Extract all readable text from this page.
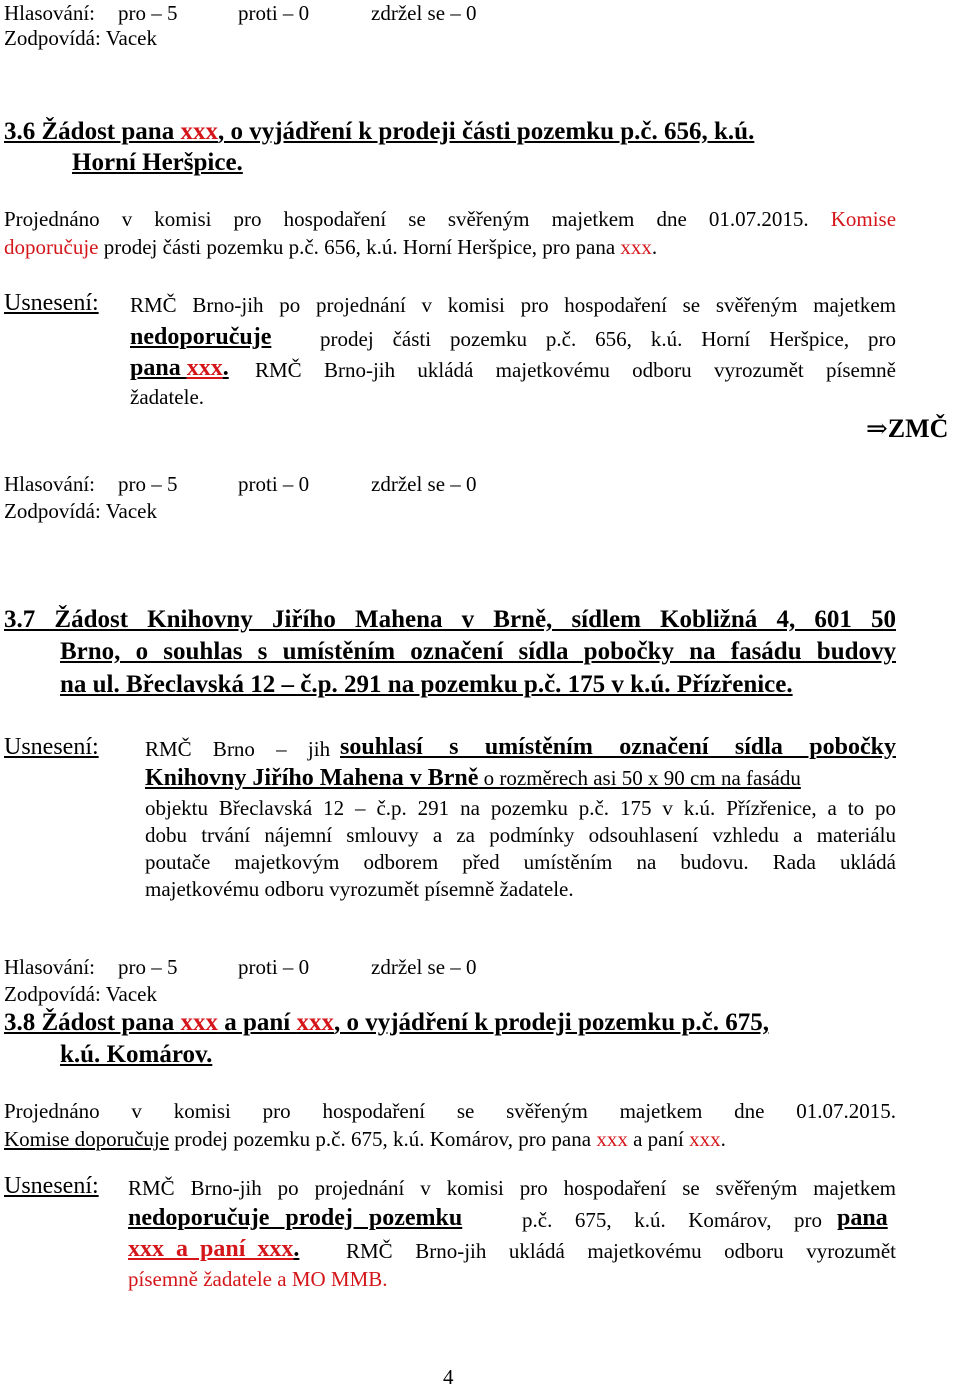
Hlasování: pro – 5	proti – 0	zdržel se – 0
Zodpovídá: Vacek
3.6 Žádost pana xxx, o vyjádření k prodeji části pozemku p.č. 656, k.ú.
Horní Heršpice.
Projednáno v komisi pro hospodaření se svěřeným majetkem dne 01.07.2015. Komise
doporučuje prodej části pozemku p.č. 656, k.ú. Horní Heršpice, pro pana xxx.
Usnesení: RMČ Brno-jih po projednání v komisi pro hospodaření se svěřeným majetkem
nedoporučuje prodej části pozemku p.č. 656, k.ú. Horní Heršpice, pro
pana xxx. RMČ Brno-jih ukládá majetkovému odboru vyrozumět písemně
žadatele.
⇒ZMČ
Hlasování: pro – 5	proti – 0	zdržel se – 0
Zodpovídá: Vacek
3.7 Žádost Knihovny Jiřího Mahena v Brně, sídlem Kobližná 4, 601 50
Brno, o souhlas s umístěním označení sídla pobočky na fasádu budovy
na ul. Břeclavská 12 – č.p. 291 na pozemku p.č. 175 v k.ú. Přízřenice.
Usnesení: RMČ Brno – jih souhlasí s umístěním označení sídla pobočky
Knihovny Jiřího Mahena v Brně o rozměrech asi 50 x 90 cm na fasádu
objektu Břeclavská 12 – č.p. 291 na pozemku p.č. 175 v k.ú. Přízřenice, a to po
dobu trvání nájemní smlouvy a za podmínky odsouhlasení vzhledu a materiálu
poutače majetkovým odborem před umístěním na budovu. Rada ukládá
majetkovému odboru vyrozumět písemně žadatele.
Hlasování: pro – 5	proti – 0	zdržel se – 0
Zodpovídá: Vacek
3.8 Žádost pana xxx a paní xxx, o vyjádření k prodeji pozemku p.č. 675,
k.ú. Komárov.
Projednáno v komisi pro hospodaření se svěřeným majetkem dne 01.07.2015.
Komise doporučuje prodej pozemku p.č. 675, k.ú. Komárov, pro pana xxx a paní xxx.
Usnesení: RMČ Brno-jih po projednání v komisi pro hospodaření se svěřeným majetkem
nedoporučuje prodej pozemku	p.č. 675, k.ú. Komárov, pro pana
xxx a paní xxx. RMČ Brno-jih ukládá majetkovému odboru vyrozumět
písemně žadatele a MO MMB.
4
